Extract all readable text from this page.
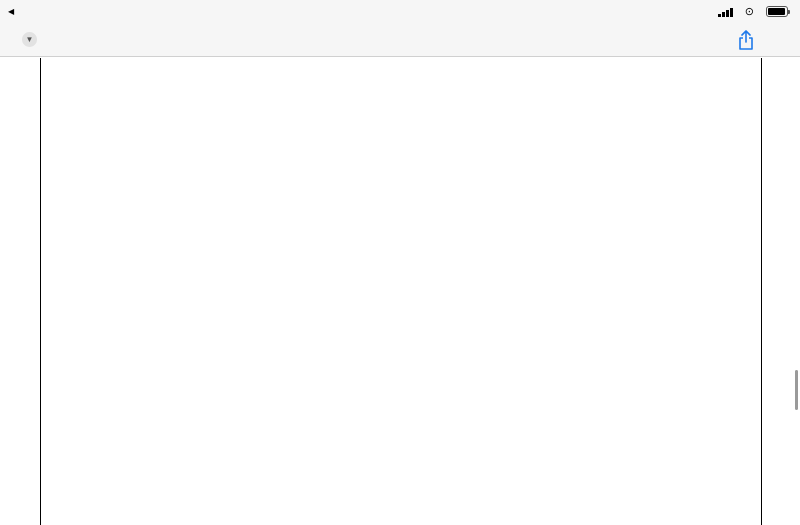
◀	⊙
▼
